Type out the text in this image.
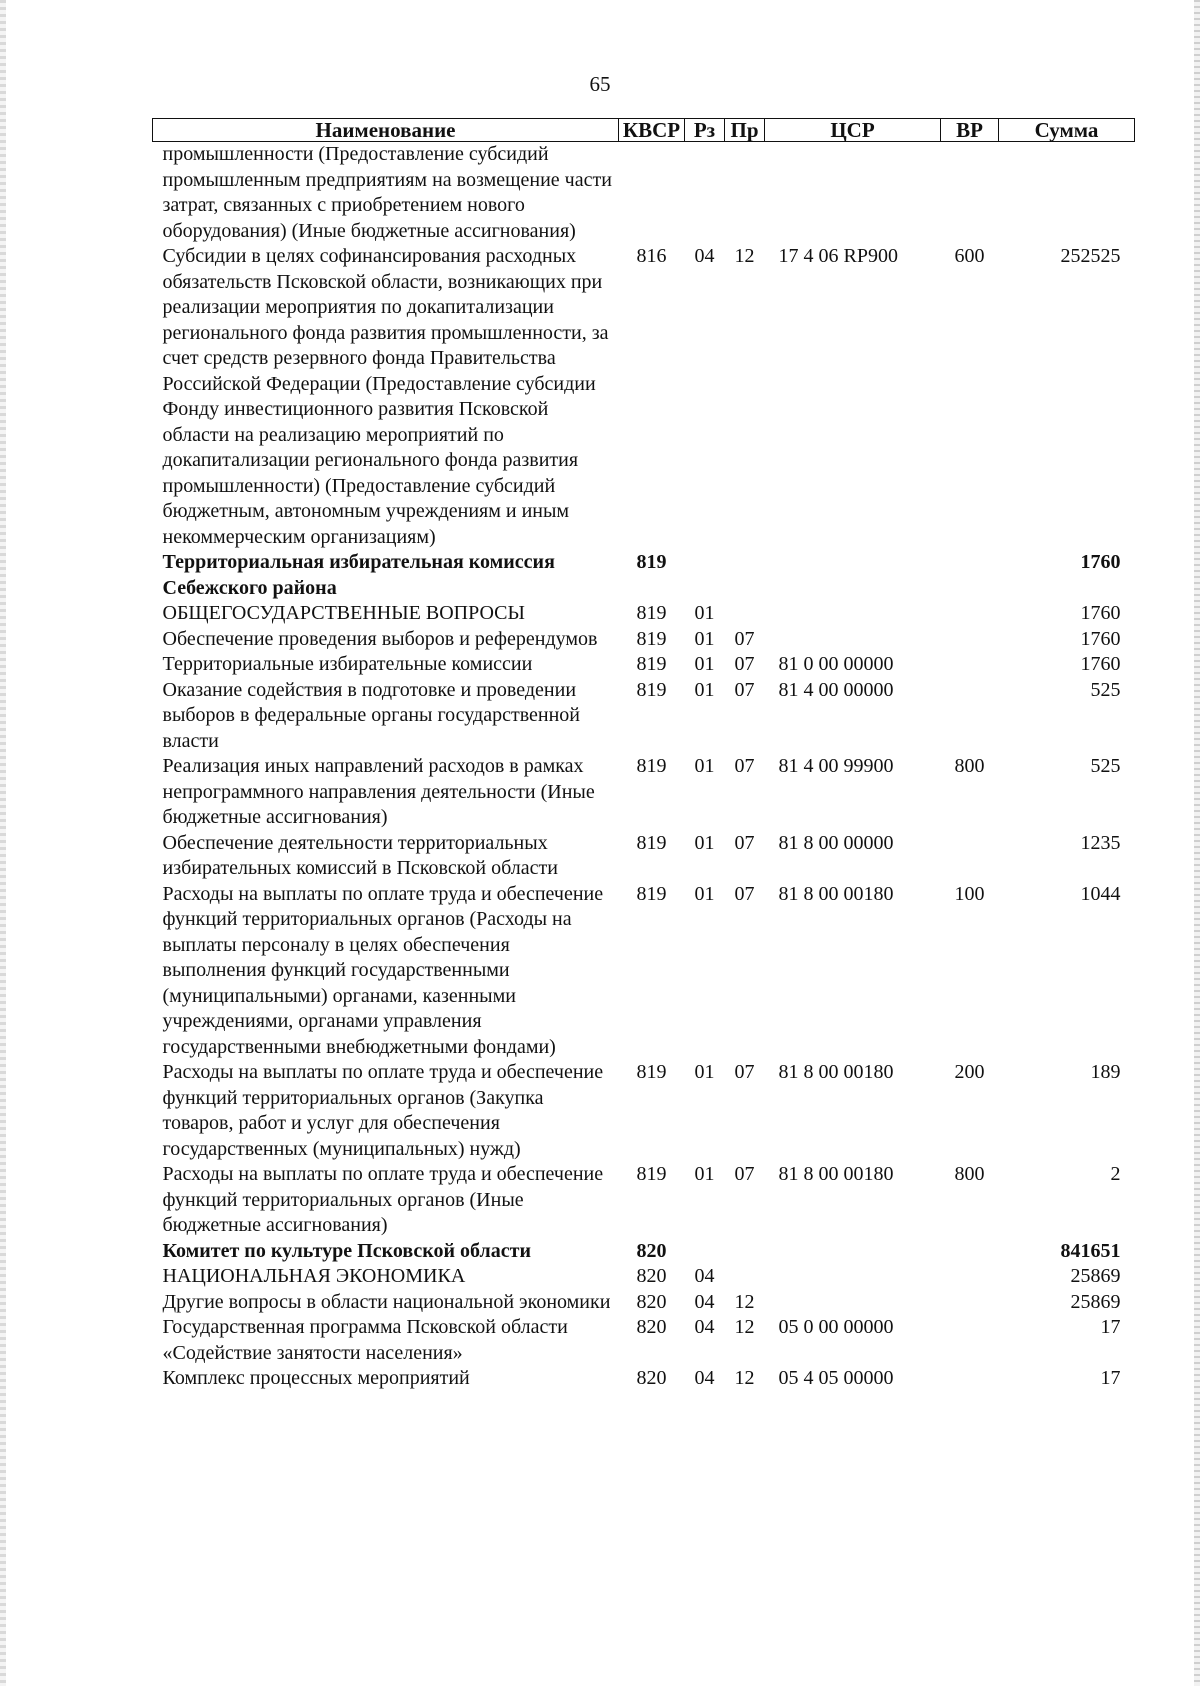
65
Наименование	КВСР	Рз	Пр	ЦСР	ВР	Сумма
промышленности (Предоставление субсидий промышленным предприятиям на возмещение части затрат, связанных с приобретением нового оборудования) (Иные бюджетные ассигнования)						
Субсидии в целях софинансирования расходных обязательств Псковской области, возникающих при реализации мероприятия по докапитализации регионального фонда развития промышленности, за счет средств резервного фонда Правительства Российской Федерации (Предоставление субсидии Фонду инвестиционного развития Псковской области на реализацию мероприятий по докапитализации регионального фонда развития промышленности) (Предоставление субсидий бюджетным, автономным учреждениям и иным некоммерческим организациям)	816	04	12	17 4 06 RP900	600	252525
Территориальная избирательная комиссия Себежского района	819					1760
ОБЩЕГОСУДАРСТВЕННЫЕ ВОПРОСЫ	819	01				1760
Обеспечение проведения выборов и референдумов	819	01	07			1760
Территориальные избирательные комиссии	819	01	07	81 0 00 00000		1760
Оказание содействия в подготовке и проведении выборов в федеральные органы государственной власти	819	01	07	81 4 00 00000		525
Реализация иных направлений расходов в рамках непрограммного направления деятельности (Иные бюджетные ассигнования)	819	01	07	81 4 00 99900	800	525
Обеспечение деятельности территориальных избирательных комиссий в Псковской области	819	01	07	81 8 00 00000		1235
Расходы на выплаты по оплате труда и обеспечение функций территориальных органов (Расходы на выплаты персоналу в целях обеспечения выполнения функций государственными (муниципальными) органами, казенными учреждениями, органами управления государственными внебюджетными фондами)	819	01	07	81 8 00 00180	100	1044
Расходы на выплаты по оплате труда и обеспечение функций территориальных органов (Закупка товаров, работ и услуг для обеспечения государственных (муниципальных) нужд)	819	01	07	81 8 00 00180	200	189
Расходы на выплаты по оплате труда и обеспечение функций территориальных органов (Иные бюджетные ассигнования)	819	01	07	81 8 00 00180	800	2
Комитет по культуре Псковской области	820					841651
НАЦИОНАЛЬНАЯ ЭКОНОМИКА	820	04				25869
Другие вопросы в области национальной экономики	820	04	12			25869
Государственная программа Псковской области «Содействие занятости населения»	820	04	12	05 0 00 00000		17
Комплекс процессных мероприятий	820	04	12	05 4 05 00000		17
